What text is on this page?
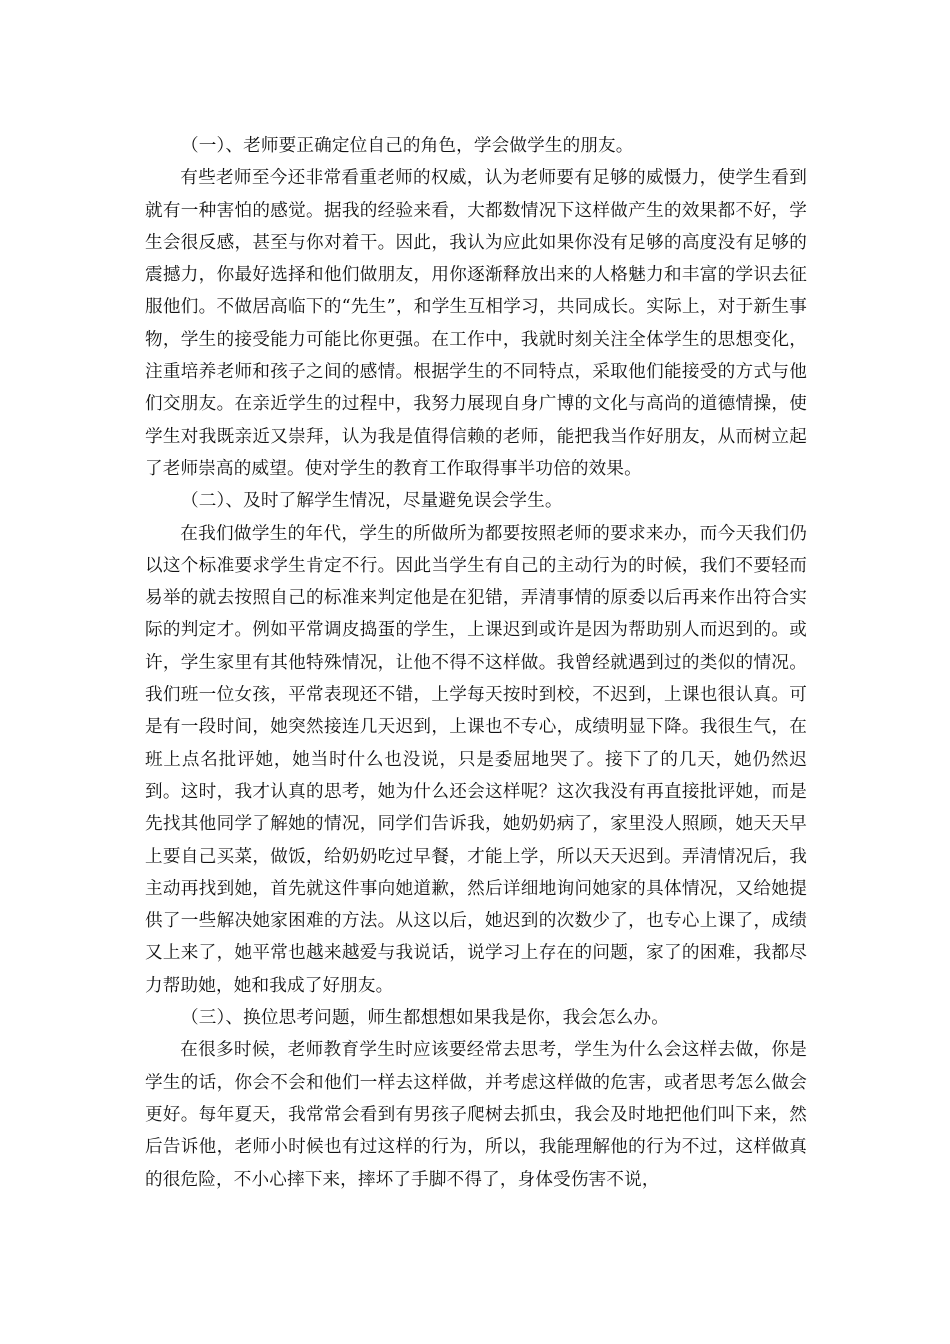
（一）、老师要正确定位自己的角色，学会做学生的朋友。

有些老师至今还非常看重老师的权威，认为老师要有足够的威慑力，使学生看到就有一种害怕的感觉。据我的经验来看，大都数情况下这样做产生的效果都不好，学生会很反感，甚至与你对着干。因此，我认为应此如果你没有足够的高度没有足够的震撼力，你最好选择和他们做朋友，用你逐渐释放出来的人格魅力和丰富的学识去征服他们。不做居高临下的“先生”，和学生互相学习，共同成长。实际上，对于新生事物，学生的接受能力可能比你更强。在工作中，我就时刻关注全体学生的思想变化，注重培养老师和孩子之间的感情。根据学生的不同特点，采取他们能接受的方式与他们交朋友。在亲近学生的过程中，我努力展现自身广博的文化与高尚的道德情操，使学生对我既亲近又崇拜，认为我是值得信赖的老师，能把我当作好朋友，从而树立起了老师崇高的威望。使对学生的教育工作取得事半功倍的效果。

（二）、及时了解学生情况，尽量避免误会学生。

在我们做学生的年代，学生的所做所为都要按照老师的要求来办，而今天我们仍以这个标准要求学生肯定不行。因此当学生有自己的主动行为的时候，我们不要轻而易举的就去按照自己的标准来判定他是在犯错，弄清事情的原委以后再来作出符合实际的判定才。例如平常调皮捣蛋的学生，上课迟到或许是因为帮助别人而迟到的。或许，学生家里有其他特殊情况，让他不得不这样做。我曾经就遇到过的类似的情况。我们班一位女孩，平常表现还不错，上学每天按时到校，不迟到，上课也很认真。可是有一段时间，她突然接连几天迟到，上课也不专心，成绩明显下降。我很生气，在班上点名批评她，她当时什么也没说，只是委屈地哭了。接下了的几天，她仍然迟到。这时，我才认真的思考，她为什么还会这样呢？这次我没有再直接批评她，而是先找其他同学了解她的情况，同学们告诉我，她奶奶病了，家里没人照顾，她天天早上要自己买菜，做饭，给奶奶吃过早餐，才能上学，所以天天迟到。弄清情况后，我主动再找到她，首先就这件事向她道歉，然后详细地询问她家的具体情况，又给她提供了一些解决她家困难的方法。从这以后，她迟到的次数少了，也专心上课了，成绩又上来了，她平常也越来越爱与我说话，说学习上存在的问题，家了的困难，我都尽力帮助她，她和我成了好朋友。

（三）、换位思考问题，师生都想想如果我是你，我会怎么办。

在很多时候，老师教育学生时应该要经常去思考，学生为什么会这样去做，你是学生的话，你会不会和他们一样去这样做，并考虑这样做的危害，或者思考怎么做会更好。每年夏天，我常常会看到有男孩子爬树去抓虫，我会及时地把他们叫下来，然后告诉他，老师小时候也有过这样的行为，所以，我能理解他的行为不过，这样做真的很危险，不小心摔下来，摔坏了手脚不得了，身体受伤害不说，
